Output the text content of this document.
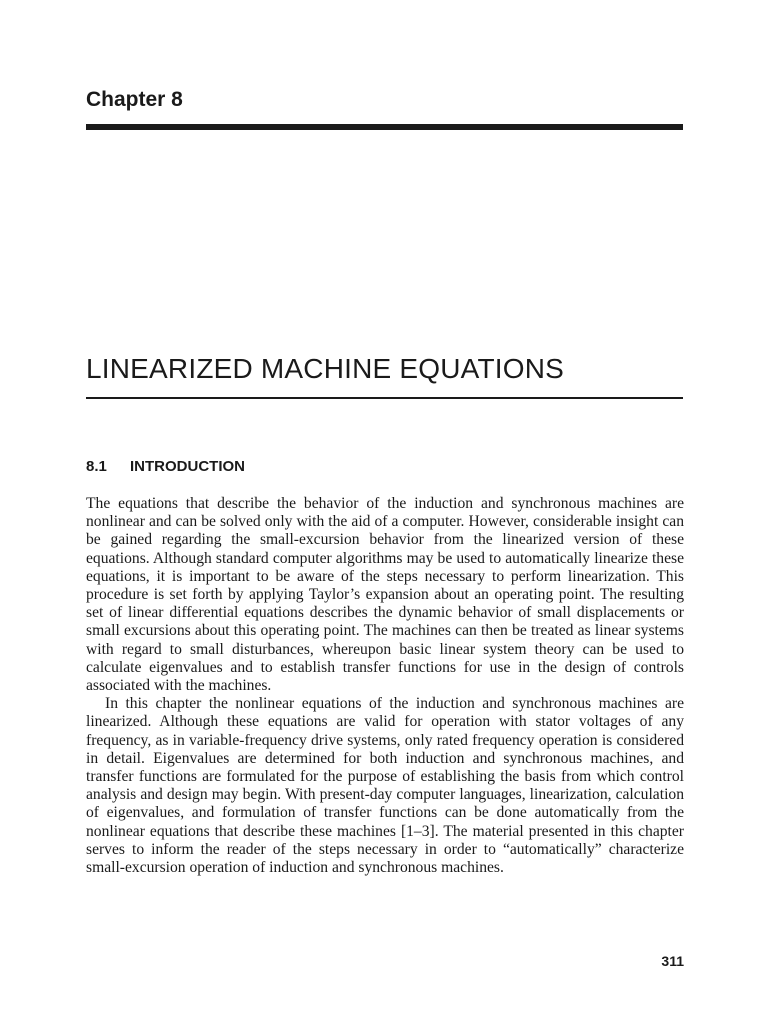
Chapter 8
LINEARIZED MACHINE EQUATIONS
8.1 INTRODUCTION

The equations that describe the behavior of the induction and synchronous machines are nonlinear and can be solved only with the aid of a computer. However, considerable insight can be gained regarding the small-excursion behavior from the linearized version of these equations. Although standard computer algorithms may be used to automatically linearize these equations, it is important to be aware of the steps necessary to perform linearization. This procedure is set forth by applying Taylor’s expansion about an operating point. The resulting set of linear differential equations describes the dynamic behavior of small displacements or small excursions about this operating point. The machines can then be treated as linear systems with regard to small disturbances, whereupon basic linear system theory can be used to calculate eigenvalues and to establish transfer functions for use in the design of controls associated with the machines.

In this chapter the nonlinear equations of the induction and synchronous machines are linearized. Although these equations are valid for operation with stator voltages of any frequency, as in variable-frequency drive systems, only rated frequency operation is considered in detail. Eigenvalues are determined for both induction and synchronous machines, and transfer functions are formulated for the purpose of establishing the basis from which control analysis and design may begin. With present-day computer languages, linearization, calculation of eigenvalues, and formulation of transfer functions can be done automatically from the nonlinear equations that describe these machines [1–3]. The material presented in this chapter serves to inform the reader of the steps necessary in order to “automatically” characterize small-excursion operation of induction and synchronous machines.

311
